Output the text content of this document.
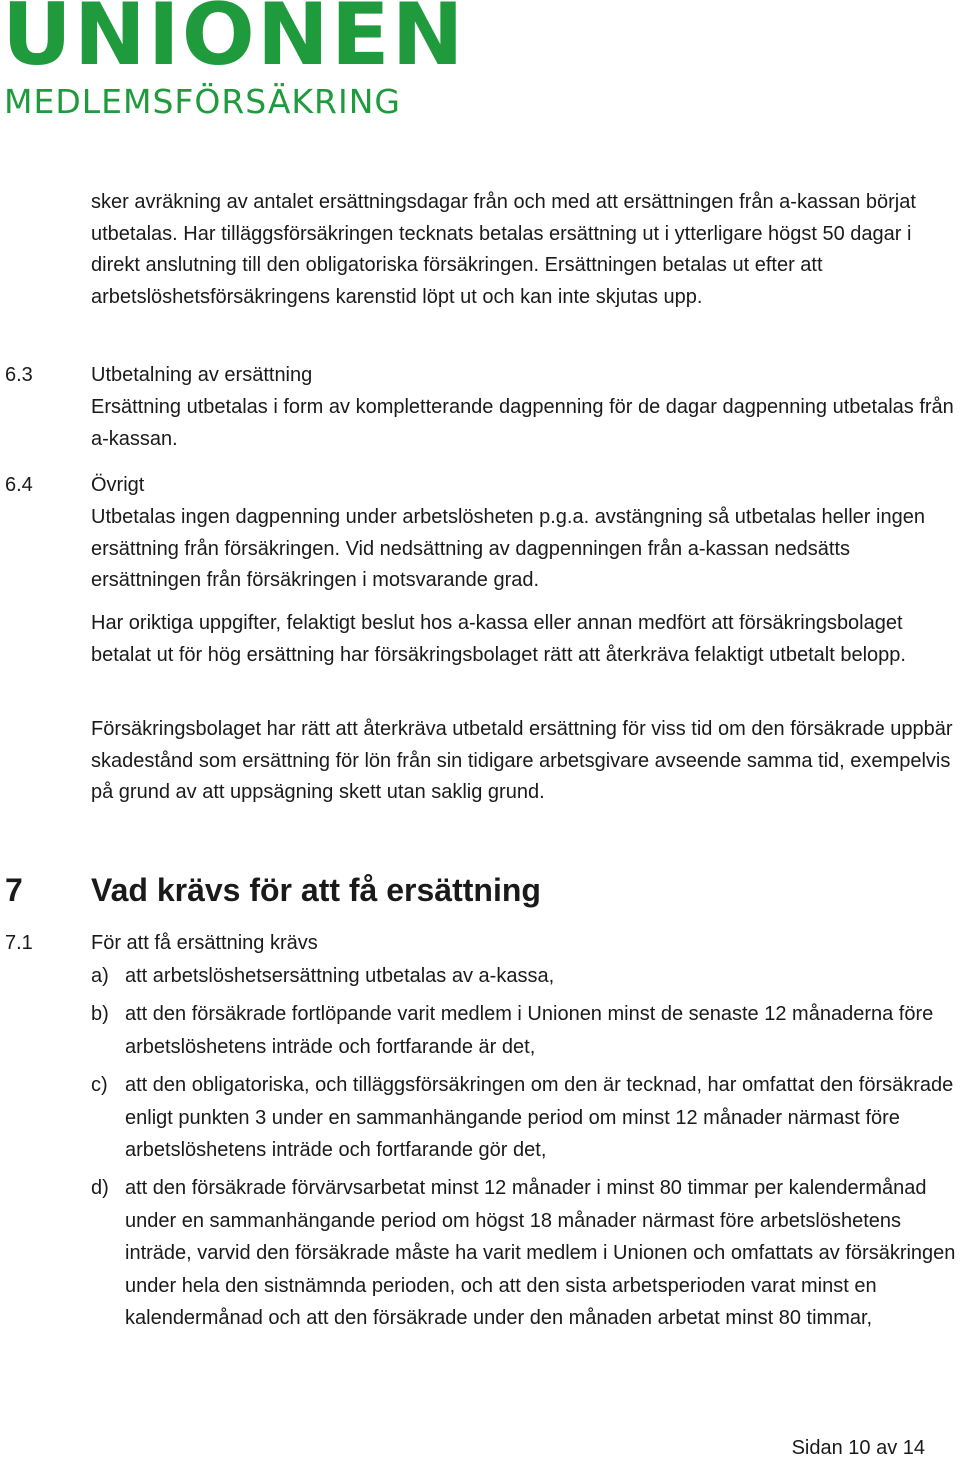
UNIONEN
MEDLEMSFÖRSÄKRING

sker avräkning av antalet ersättningsdagar från och med att ersättningen från a-kassan börjat utbetalas. Har tilläggsförsäkringen tecknats betalas ersättning ut i ytterligare högst 50 dagar i direkt anslutning till den obligatoriska försäkringen. Ersättningen betalas ut efter att arbetslöshetsförsäkringens karenstid löpt ut och kan inte skjutas upp.

6.3	Utbetalning av ersättning

Ersättning utbetalas i form av kompletterande dagpenning för de dagar dagpenning utbetalas från a-kassan.

6.4	Övrigt

Utbetalas ingen dagpenning under arbetslösheten p.g.a. avstängning så utbetalas heller ingen ersättning från försäkringen. Vid nedsättning av dagpenningen från a-kassan nedsätts ersättningen från försäkringen i motsvarande grad.

Har oriktiga uppgifter, felaktigt beslut hos a-kassa eller annan medfört att försäkringsbolaget betalat ut för hög ersättning har försäkringsbolaget rätt att återkräva felaktigt utbetalt belopp.

Försäkringsbolaget har rätt att återkräva utbetald ersättning för viss tid om den försäkrade uppbär skadestånd som ersättning för lön från sin tidigare arbetsgivare avseende samma tid, exempelvis på grund av att uppsägning skett utan saklig grund.

7 Vad krävs för att få ersättning
7.1	För att få ersättning krävs
a) att arbetslöshetsersättning utbetalas av a-kassa,
b) att den försäkrade fortlöpande varit medlem i Unionen minst de senaste 12 månaderna före arbetslöshetens inträde och fortfarande är det,
c) att den obligatoriska, och tilläggsförsäkringen om den är tecknad, har omfattat den försäkrade enligt punkten 3 under en sammanhängande period om minst 12 månader närmast före arbetslöshetens inträde och fortfarande gör det,
d) att den försäkrade förvärvsarbetat minst 12 månader i minst 80 timmar per kalendermånad under en sammanhängande period om högst 18 månader närmast före arbetslöshetens inträde, varvid den försäkrade måste ha varit medlem i Unionen och omfattats av försäkringen under hela den sistnämnda perioden, och att den sista arbetsperioden varat minst en kalendermånad och att den försäkrade under den månaden arbetat minst 80 timmar,
Sidan 10 av 14
